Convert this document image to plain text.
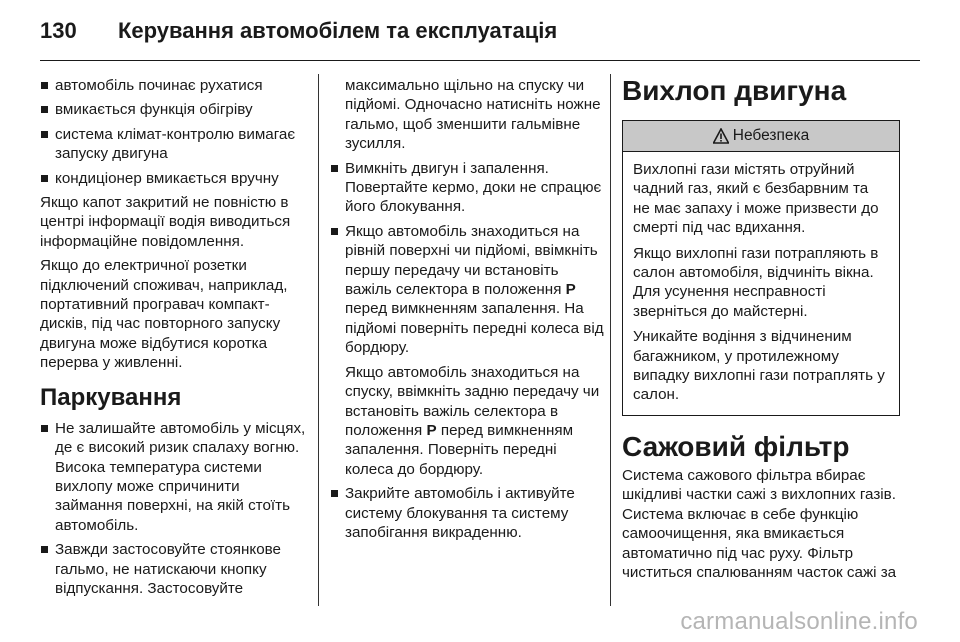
130	Керування автомобілем та експлуатація
автомобіль починає рухатися
вмикається функція обігріву
система клімат-контролю вимагає запуску двигуна
кондиціонер вмикається вручну

Якщо капот закритий не повністю в центрі інформації водія виводиться інформаційне повідомлення.

Якщо до електричної розетки підключений споживач, наприклад, портативний програвач компакт-дисків, під час повторного запуску двигуна може відбутися коротка перерва у живленні.

Паркування
Не залишайте автомобіль у місцях, де є високий ризик спалаху вогню. Висока температура системи вихлопу може спричинити займання поверхні, на якій стоїть автомобіль.
Завжди застосовуйте стоянкове гальмо, не натискаючи кнопку відпускання. Застосовуйте

максимально щільно на спуску чи підйомі. Одночасно натисніть ножне гальмо, щоб зменшити гальмівне зусилля.

Вимкніть двигун і запалення. Повертайте кермо, доки не спрацює його блокування.
Якщо автомобіль знаходиться на рівній поверхні чи підйомі, ввімкніть першу передачу чи встановіть важіль селектора в положення P перед вимкненням запалення. На підйомі поверніть передні колеса від бордюру.

Якщо автомобіль знаходиться на спуску, ввімкніть задню передачу чи встановіть важіль селектора в положення P перед вимкненням запалення. Поверніть передні колеса до бордюру.

Закрийте автомобіль і активуйте систему блокування та систему запобігання викраденню.
Вихлоп двигуна
Небезпека

Вихлопні гази містять отруйний чадний газ, який є безбарвним та не має запаху і може призвести до смерті під час вдихання.

Якщо вихлопні гази потрапляють в салон автомобіля, відчиніть вікна. Для усунення несправності зверніться до майстерні.

Уникайте водіння з відчиненим багажником, у протилежному випадку вихлопні гази потраплять у салон.

Сажовий фільтр

Система сажового фільтра вбирає шкідливі частки сажі з вихлопних газів. Система включає в себе функцію самоочищення, яка вмикається автоматично під час руху. Фільтр чиститься спалюванням часток сажі за

carmanualsonline.info
